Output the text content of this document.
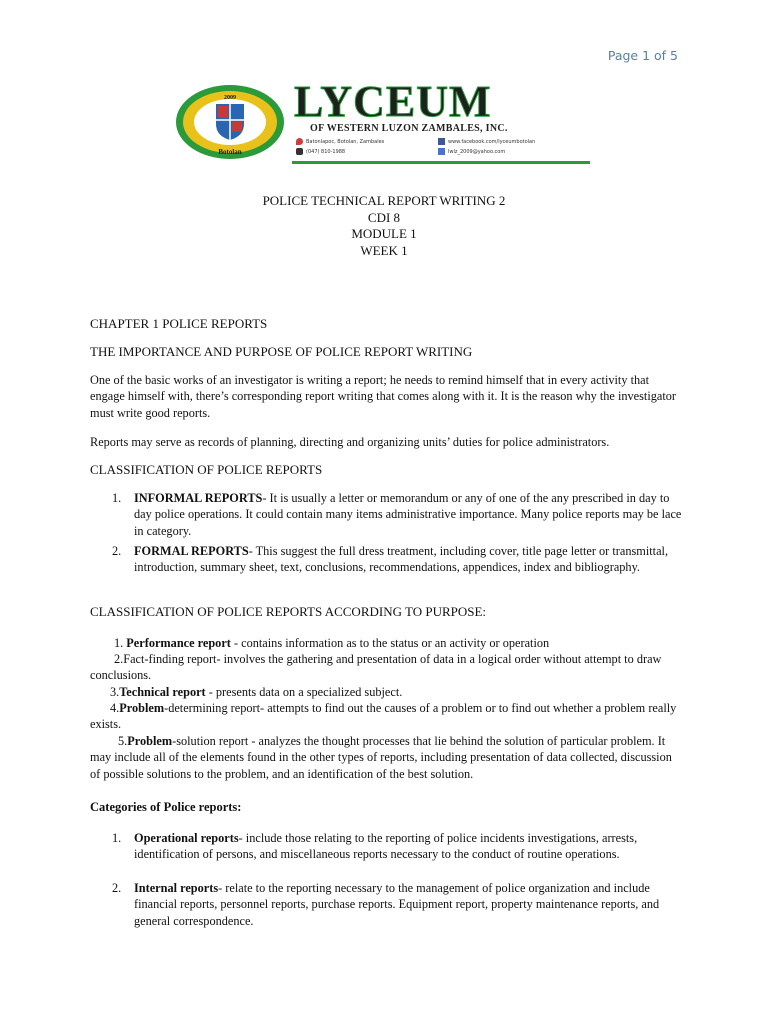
Page 1 of 5
2009
Botolan
LYCEUM
OF WESTERN LUZON ZAMBALES, INC.
Batonlapoc, Botolan, Zambales
(047) 810-1988
www.facebook.com/lyceumbotolan
lwlz_2009@yahoo.com
POLICE TECHNICAL REPORT WRITING 2
CDI 8
MODULE 1
WEEK 1
CHAPTER 1 POLICE REPORTS
THE IMPORTANCE AND PURPOSE OF POLICE REPORT WRITING
One of the basic works of an investigator is writing a report; he needs to remind himself that in every activity that engage himself with, there’s corresponding report writing that comes along with it. It is the reason why the investigator must write good reports.
Reports may serve as records of planning, directing and organizing units’ duties for police administrators.
CLASSIFICATION OF POLICE REPORTS
1. INFORMAL REPORTS- It is usually a letter or memorandum or any of one of the any prescribed in day to day police operations. It could contain many items administrative importance. Many police reports may be lace in category.
2. FORMAL REPORTS- This suggest the full dress treatment, including cover, title page letter or transmittal, introduction, summary sheet, text, conclusions, recommendations, appendices, index and bibliography.
CLASSIFICATION OF POLICE REPORTS ACCORDING TO PURPOSE:
1. Performance report - contains information as to the status or an activity or operation
2.Fact-finding report- involves the gathering and presentation of data in a logical order without attempt to draw conclusions.
3.Technical report - presents data on a specialized subject.
4.Problem-determining report- attempts to find out the causes of a problem or to find out whether a problem really exists.
5.Problem-solution report - analyzes the thought processes that lie behind the solution of particular problem. It may include all of the elements found in the other types of reports, including presentation of data collected, discussion of possible solutions to the problem, and an identification of the best solution.
Categories of Police reports:
1. Operational reports- include those relating to the reporting of police incidents investigations, arrests, identification of persons, and miscellaneous reports necessary to the conduct of routine operations.
2. Internal reports- relate to the reporting necessary to the management of police organization and include financial reports, personnel reports, purchase reports. Equipment report, property maintenance reports, and general correspondence.
